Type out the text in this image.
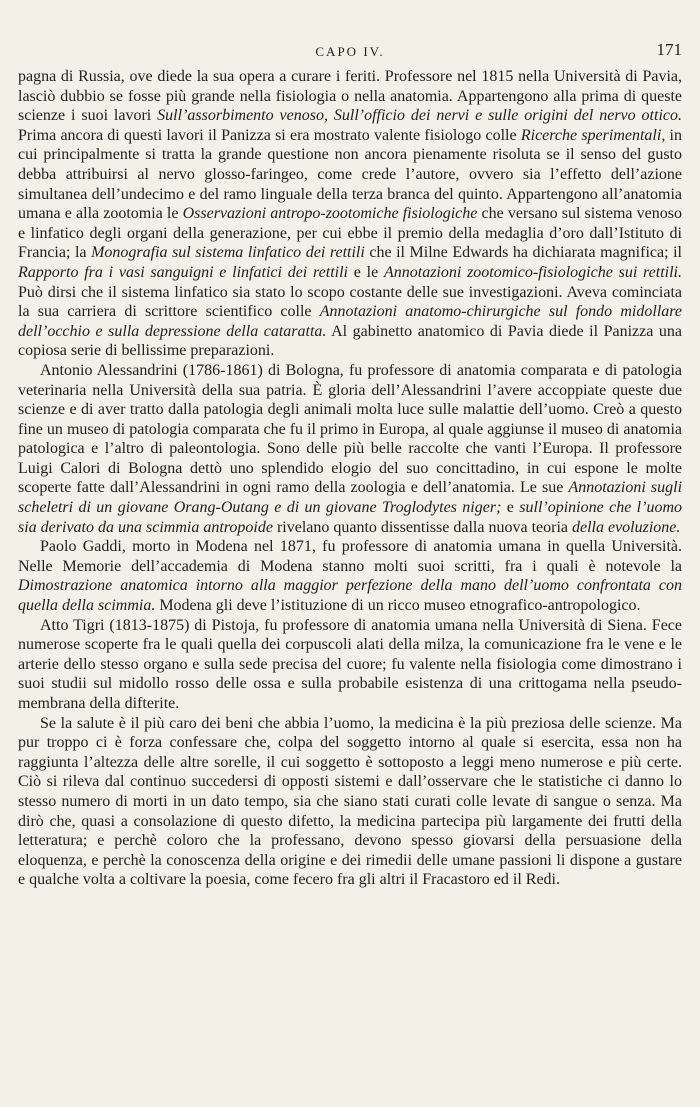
CAPO IV.	171

pagna di Russia, ove diede la sua opera a curare i feriti. Professore nel 1815 nella Università di Pavia, lasciò dubbio se fosse più grande nella fisiologia o nella anatomia. Appartengono alla prima di queste scienze i suoi lavori Sull’assorbimento venoso, Sull’officio dei nervi e sulle origini del nervo ottico. Prima ancora di questi lavori il Panizza si era mostrato valente fisiologo colle Ricerche sperimentali, in cui principalmente si tratta la grande questione non ancora pienamente risoluta se il senso del gusto debba attribuirsi al nervo glosso-faringeo, come crede l’autore, ovvero sia l’effetto dell’azione simultanea dell’undecimo e del ramo linguale della terza branca del quinto. Appartengono all’anatomia umana e alla zootomia le Osservazioni antropo-zootomiche fisiologiche che versano sul sistema venoso e linfatico degli organi della generazione, per cui ebbe il premio della medaglia d’oro dall’Istituto di Francia; la Monografia sul sistema linfatico dei rettili che il Milne Edwards ha dichiarata magnifica; il Rapporto fra i vasi sanguigni e linfatici dei rettili e le Annotazioni zootomico-fisiologiche sui rettili. Può dirsi che il sistema linfatico sia stato lo scopo costante delle sue investigazioni. Aveva cominciata la sua carriera di scrittore scientifico colle Annotazioni anatomo-chirurgiche sul fondo midollare dell’occhio e sulla depressione della cataratta. Al gabinetto anatomico di Pavia diede il Panizza una copiosa serie di bellissime preparazioni.

Antonio Alessandrini (1786-1861) di Bologna, fu professore di anatomia comparata e di patologia veterinaria nella Università della sua patria. È gloria dell’Alessandrini l’avere accoppiate queste due scienze e di aver tratto dalla patologia degli animali molta luce sulle malattie dell’uomo. Creò a questo fine un museo di patologia comparata che fu il primo in Europa, al quale aggiunse il museo di anatomia patologica e l’altro di paleontologia. Sono delle più belle raccolte che vanti l’Europa. Il professore Luigi Calori di Bologna dettò uno splendido elogio del suo concittadino, in cui espone le molte scoperte fatte dall’Alessandrini in ogni ramo della zoologia e dell’anatomia. Le sue Annotazioni sugli scheletri di un giovane Orang-Outang e di un giovane Troglodytes niger; e sull’opinione che l’uomo sia derivato da una scimmia antropoide rivelano quanto dissentisse dalla nuova teoria della evoluzione.

Paolo Gaddi, morto in Modena nel 1871, fu professore di anatomia umana in quella Università. Nelle Memorie dell’accademia di Modena stanno molti suoi scritti, fra i quali è notevole la Dimostrazione anatomica intorno alla maggior perfezione della mano dell’uomo confrontata con quella della scimmia. Modena gli deve l’istituzione di un ricco museo etnografico-antropologico.

Atto Tigri (1813-1875) di Pistoja, fu professore di anatomia umana nella Università di Siena. Fece numerose scoperte fra le quali quella dei corpuscoli alati della milza, la comunicazione fra le vene e le arterie dello stesso organo e sulla sede precisa del cuore; fu valente nella fisiologia come dimostrano i suoi studii sul midollo rosso delle ossa e sulla probabile esistenza di una crittogama nella pseudo-membrana della difterite.

Se la salute è il più caro dei beni che abbia l’uomo, la medicina è la più preziosa delle scienze. Ma pur troppo ci è forza confessare che, colpa del soggetto intorno al quale si esercita, essa non ha raggiunta l’altezza delle altre sorelle, il cui soggetto è sottoposto a leggi meno numerose e più certe. Ciò si rileva dal continuo succedersi di opposti sistemi e dall’osservare che le statistiche ci danno lo stesso numero di morti in un dato tempo, sia che siano stati curati colle levate di sangue o senza. Ma dirò che, quasi a consolazione di questo difetto, la medicina partecipa più largamente dei frutti della letteratura; e perchè coloro che la professano, devono spesso giovarsi della persuasione della eloquenza, e perchè la conoscenza della origine e dei rimedii delle umane passioni li dispone a gustare e qualche volta a coltivare la poesia, come fecero fra gli altri il Fracastoro ed il Redi.
